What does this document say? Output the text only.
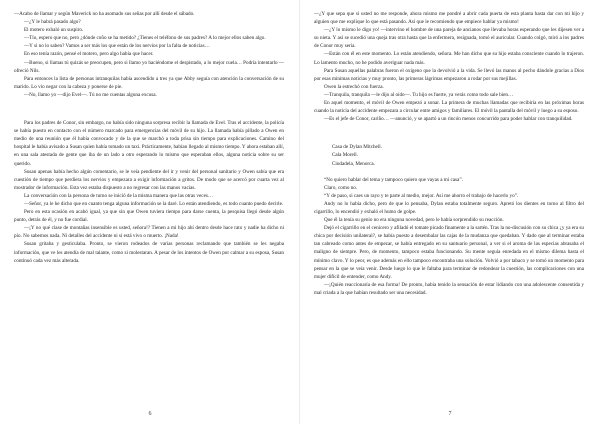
—Acabo de llamar y según Maverick no ha asomado sus señas por allí desde el sábado.

—¿Y le habrá pasado algo?

El motero exhaló un suspiro.

—Tío, espero que no, pero ¿dónde coño se ha metido? ¿Tienes el teléfono de sus padres? A lo mejor ellos saben algo.

—Y si no lo saben? Vamos a ser más los que están de los nervios por la falta de noticias…

En eso tenía razón, pensé el motero, pero algo había que hacer.

—Bueno, si llamas tú quizás se preocupen, pero si llamo yo haciéndome el despistado, a lo mejor cuela… Podría intentarlo —ofreció Nils.

Para entonces la lista de personas intranquilas había ascendido a tres ya que Abby seguía con atención la conversación de su marido. Lo vio negar con la cabeza y ponerse de pie.

—No, llamo yo —dijo Evel—. Tú no me cuentas alguna excusa.

Para los padres de Conor, sin embargo, no había sido ninguna sorpresa recibir la llamada de Evel. Tras el accidente, la policía se había puesto en contacto con el número marcado para emergencias del móvil de su hijo. La llamada había pillado a Owen en medio de una reunión que él había convocado y de la que se marchó a toda prisa sin tiempo para explicaciones. Camino del hospital le había avisado a Susan quien había tomado un taxi. Prácticamente, habían llegado al mismo tiempo. Y ahora estaban allí, en una sala atestada de gente que iba de un lado a otro esperando lo mismo que esperaban ellos, alguna noticia sobre su ser querido.

Susan apenas había hecho algún comentario, se le veía pendiente del ir y venir del personal sanitario y Owen sabía que era cuestión de tiempo que perdiera los nervios y empezara a exigir información a gritos. De modo que se acercó por cuarta vez al mostrador de información. Esta vez estaba dispuesto a no regresar con las manos vacías.

La conversación con la persona de turno se inició de la misma manera que las otras veces…

—Señor, ya le he dicho que en cuanto tenga alguna información se la daré. Lo están atendiendo, es todo cuanto puedo decirle.

Pero en esta ocasión en acabó igual, ya que sin que Owen tuviera tiempo para darse cuenta, la pesquisa llegó desde algún punto, detrás de él, y no fue cordial.

—¡Y no qué clase de montañas insensible es usted, señora!? Tienen a mi hijo ahí dentro desde hace rato y nadie ha dicho ni pío. No sabemos nada. Ni detalles del accidente ni si está vivo o muerto. ¡Nada!

Susan gritaba y gesticulaba. Pronto, se vieron rodeados de varias personas reclamando que también se les negaba información, que ve les atendía de mal talante, como si molestaran. A pesar de los intentos de Owen por calmar a su esposa, Susan continuó cada vez más alterada.

6

—¿Y que sepa que si usted no me responde, ahora mismo me pondré a abrir cada puerta de esta planta hasta dar con mi hijo y alguien que me explique lo que está pasando. Así que le recomiendo que empiece hablar ya mismo!

—¿Y lo mismo le digo yo! —intervino el hombre de una pareja de ancianos que llevaba horas esperando que les dijesen ver a su nieta. Y así se sucedió una queja tras otra hasta que la enfermera, resignada, tomó el auricular. Cuando colgó, miró a los padres de Conor muy seria.

—Están con él en este momento. Lo están atendiendo, señora. Me han dicho que su hijo estaba consciente cuando lo trajeron. Lo lamento mucho, no he podido averiguar nada más.

Para Susan aquellas palabras fueron el oxígeno que la devolvió a la vida. Se llevó las manos al pecho dándole gracias a Dios por esas mínimas noticias y muy pronto, las primeras lágrimas empezaron a rodar por sus mejillas.

Owen la estrechó con fuerza.

—Tranquila, tranquila —le dijo al oído—. Tu hijo es fuerte, ya verás como todo sale bien…

En aquel momento, el móvil de Owen empezó a sonar. La primera de muchas llamadas que recibiría en las próximas horas cuando la noticia del accidente empezara a circular entre amigos y familiares. El móvil la pantalla del móvil y luego a su esposo.

—Es el jefe de Conor, cariño… —anunció, y se apartó a un rincón menos concurrido para poder hablar con tranquilidad.

Casa de Dylan Mitchell.

Cala Morell.

Ciudadela, Menorca.

“No quiero hablar del tema y tampoco quiero que vayas a mi casa”.

Claro, como no.

“Y de paso, si caes un rayo y te parte al medio, mejor. Así me ahorro el trabajo de hacerlo yo”.

Andy no lo había dicho, pero de que lo pensaba, Dylan estaba totalmente seguro. Apretó los dientes en torno al filtro del cigarrillo, lo encendió y exhaló el humo de golpe.

Que él la tenía su genio no era ninguna novedad, pero le había sorprendido su reacción.

Dejó el cigarrillo en el cenicero y afiladó el tomate picado finamente a la sartén. Tras la no-discusión con su chica ¿y ya era su chica por decisión unilateral?, se había puesto a desembalar las cajas de la mudanza que quedaban. Y dado que al terminar estaba tan cabreado como antes de empezar, se había entregado en su santuario personal, a ver si el aroma de las especias abrasaba el maligno de siempre. Pero, de momento, tampoco estaba funcionando. Su mente seguía enredada en el mismo dilema hasta el mínimo clavo. Y lo peor, es que además en ello tampoco encontraba una solución. Volvió a por tabaco y se tomó un momento para pensar en la que se veía venir. Desde luego lo que le faltaba para terminar de redondear la cuestión, las complicaciones con una mujer difícil de entender, como Andy.

—¡Quién reaccionaría de esa forma! De pronto, había tenido la sensación de estar lidiando con una adolescente consentida y mal criada a la que habían resultado ser una necesidad.

7
